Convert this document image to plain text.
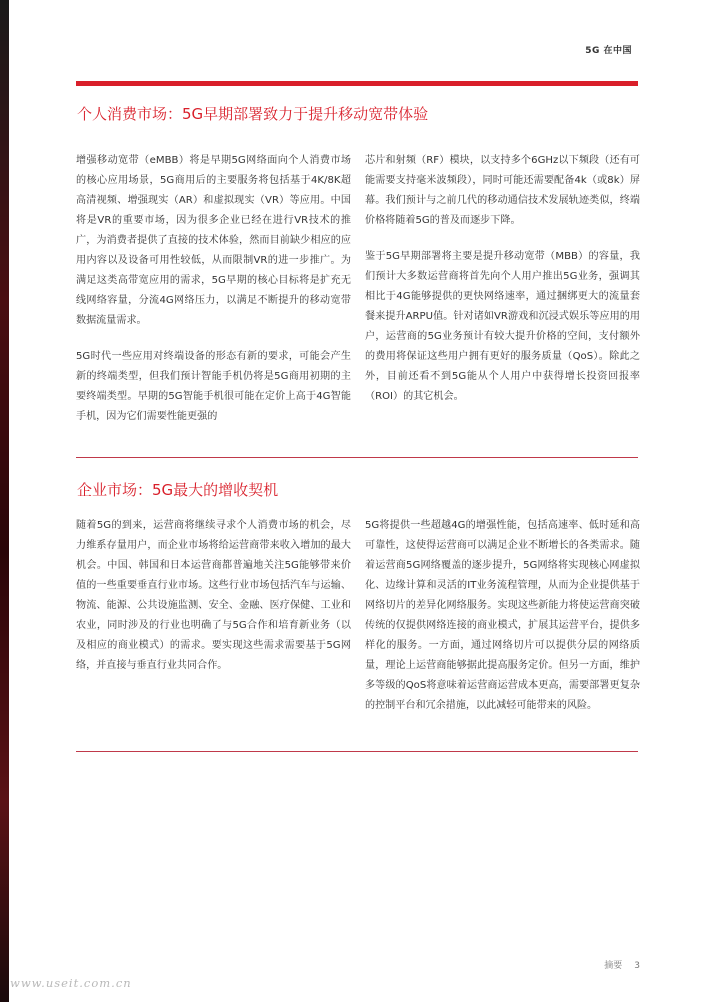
5G 在中国
个人消费市场：5G早期部署致力于提升移动宽带体验

增强移动宽带（eMBB）将是早期5G网络面向个人消费市场的核心应用场景，5G商用后的主要服务将包括基于4K/8K超高清视频、增强现实（AR）和虚拟现实（VR）等应用。中国将是VR的重要市场，因为很多企业已经在进行VR技术的推广，为消费者提供了直接的技术体验，然而目前缺少相应的应用内容以及设备可用性较低，从而限制VR的进一步推广。为满足这类高带宽应用的需求，5G早期的核心目标将是扩充无线网络容量，分流4G网络压力，以满足不断提升的移动宽带数据流量需求。

5G时代一些应用对终端设备的形态有新的要求，可能会产生新的终端类型，但我们预计智能手机仍将是5G商用初期的主要终端类型。早期的5G智能手机很可能在定价上高于4G智能手机，因为它们需要性能更强的

芯片和射频（RF）模块，以支持多个6GHz以下频段（还有可能需要支持毫米波频段），同时可能还需要配备4k（或8k）屏幕。我们预计与之前几代的移动通信技术发展轨迹类似，终端价格将随着5G的普及而逐步下降。

鉴于5G早期部署将主要是提升移动宽带（MBB）的容量，我们预计大多数运营商将首先向个人用户推出5G业务，强调其相比于4G能够提供的更快网络速率，通过捆绑更大的流量套餐来提升ARPU值。针对诸如VR游戏和沉浸式娱乐等应用的用户，运营商的5G业务预计有较大提升价格的空间，支付额外的费用将保证这些用户拥有更好的服务质量（QoS）。除此之外，目前还看不到5G能从个人用户中获得增长投资回报率（ROI）的其它机会。

企业市场：5G最大的增收契机

随着5G的到来，运营商将继续寻求个人消费市场的机会，尽力维系存量用户，而企业市场将给运营商带来收入增加的最大机会。中国、韩国和日本运营商都普遍地关注5G能够带来价值的一些重要垂直行业市场。这些行业市场包括汽车与运输、物流、能源、公共设施监测、安全、金融、医疗保健、工业和农业，同时涉及的行业也明确了与5G合作和培育新业务（以及相应的商业模式）的需求。要实现这些需求需要基于5G网络，并直接与垂直行业共同合作。

5G将提供一些超越4G的增强性能，包括高速率、低时延和高可靠性，这使得运营商可以满足企业不断增长的各类需求。随着运营商5G网络覆盖的逐步提升，5G网络将实现核心网虚拟化、边缘计算和灵活的IT业务流程管理，从而为企业提供基于网络切片的差异化网络服务。实现这些新能力将使运营商突破传统的仅提供网络连接的商业模式，扩展其运营平台，提供多样化的服务。一方面，通过网络切片可以提供分层的网络质量，理论上运营商能够据此提高服务定价。但另一方面，维护多等级的QoS将意味着运营商运营成本更高，需要部署更复杂的控制平台和冗余措施，以此减轻可能带来的风险。

摘要 3
www.useit.com.cn
